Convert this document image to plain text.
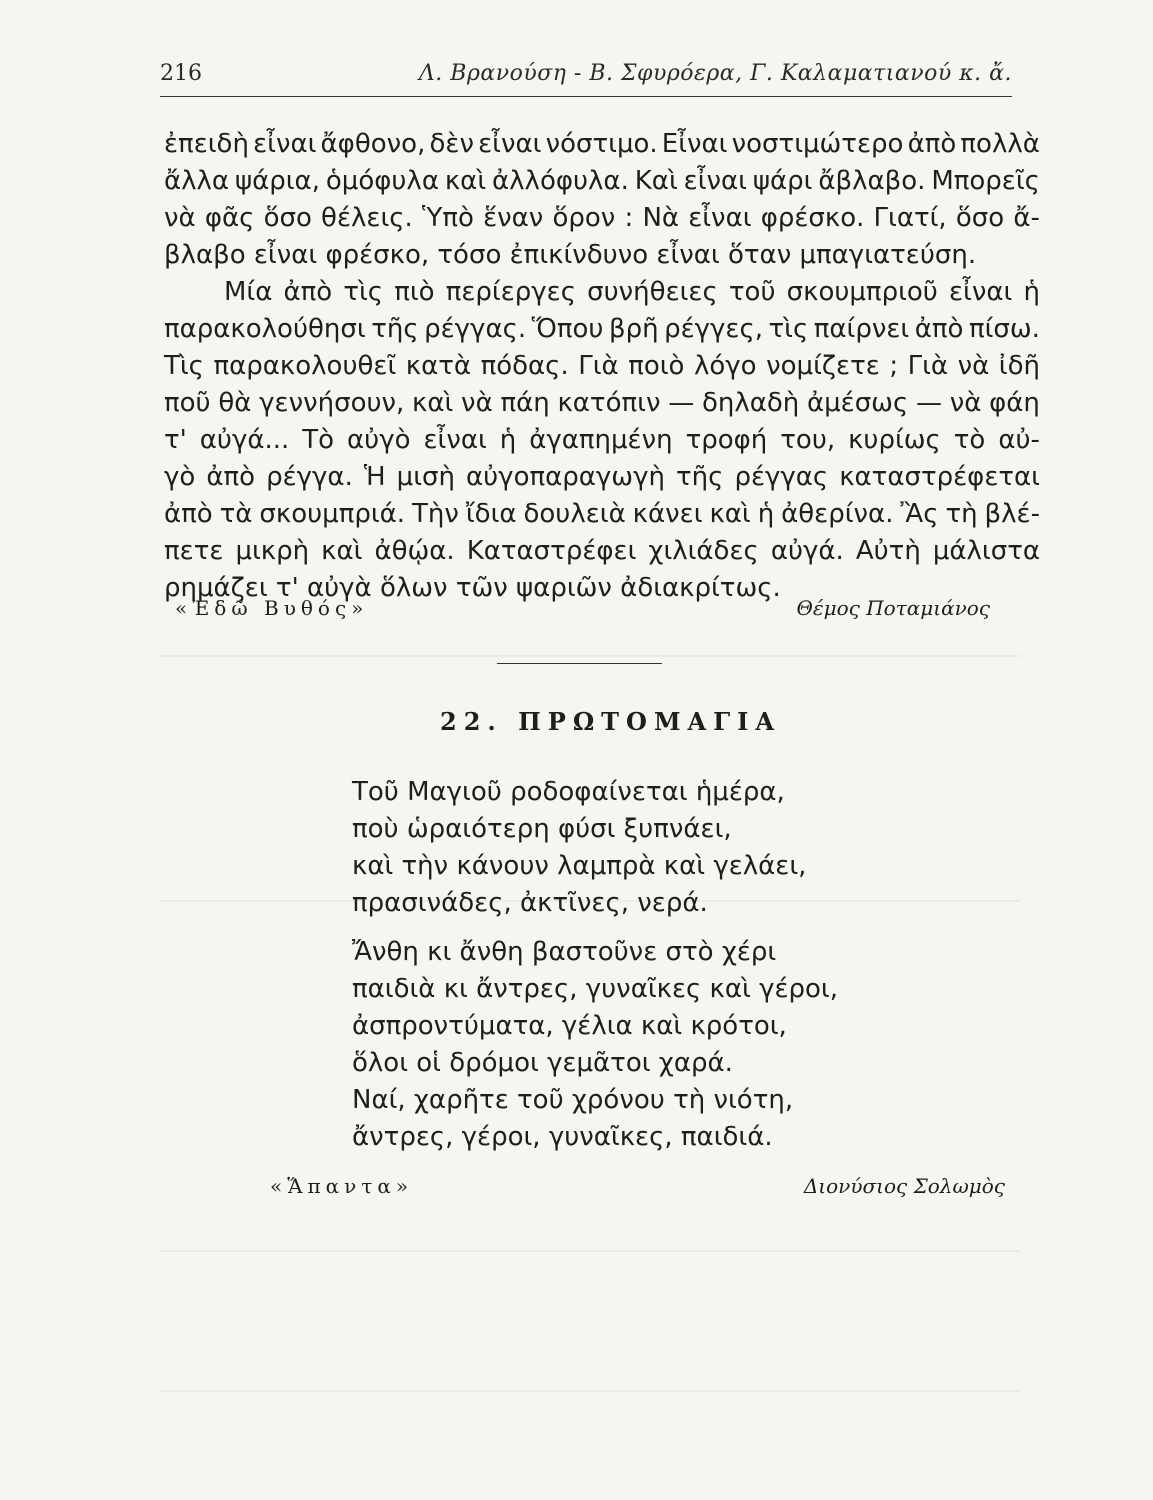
216	Λ. Βρανούση - Β. Σφυρόερα, Γ. Καλαματιανού κ. ἄ.
ἐπειδὴ εἶναι ἄφθονο, δὲν εἶναι νόστιμο. Εἶναι νοστιμώτερο ἀπὸ πολλὰ
ἄλλα ψάρια, ὁμόφυλα καὶ ἀλλόφυλα. Καὶ εἶναι ψάρι ἄβλαβο. Μπορεῖς
νὰ φᾶς ὅσο θέλεις. Ὑπὸ ἕναν ὅρον : Νὰ εἶναι φρέσκο. Γιατί, ὅσο ἄ-
βλαβο εἶναι φρέσκο, τόσο ἐπικίνδυνο εἶναι ὅταν μπαγιατεύση.
Μία ἀπὸ τὶς πιὸ περίεργες συνήθειες τοῦ σκουμπριοῦ εἶναι ἡ
παρακολούθησι τῆς ρέγγας. Ὅπου βρῆ ρέγγες, τὶς παίρνει ἀπὸ πίσω.
Τὶς παρακολουθεῖ κατὰ πόδας. Γιὰ ποιὸ λόγο νομίζετε ; Γιὰ νὰ ἰδῆ
ποῦ θὰ γεννήσουν, καὶ νὰ πάη κατόπιν — δηλαδὴ ἀμέσως — νὰ φάη
τ' αὐγά... Τὸ αὐγὸ εἶναι ἡ ἀγαπημένη τροφή του, κυρίως τὸ αὐ-
γὸ ἀπὸ ρέγγα. Ἡ μισὴ αὐγοπαραγωγὴ τῆς ρέγγας καταστρέφεται
ἀπὸ τὰ σκουμπριά. Τὴν ἴδια δουλειὰ κάνει καὶ ἡ ἀθερίνα. Ἂς τὴ βλέ-
πετε μικρὴ καὶ ἀθῴα. Καταστρέφει χιλιάδες αὐγά. Αὐτὴ μάλιστα
ρημάζει τ' αὐγὰ ὅλων τῶν ψαριῶν ἀδιακρίτως.
«Ἐδῶ Βυθός»	Θέμος Ποταμιάνος
22. ΠΡΩΤΟΜΑΓΙΑ
Τοῦ Μαγιοῦ ροδοφαίνεται ἡμέρα,
ποὺ ὡραιότερη φύσι ξυπνάει,
καὶ τὴν κάνουν λαμπρὰ καὶ γελάει,
πρασινάδες, ἀκτῖνες, νερά.
Ἄνθη κι ἄνθη βαστοῦνε στὸ χέρι
παιδιὰ κι ἄντρες, γυναῖκες καὶ γέροι,
ἀσπροντύματα, γέλια καὶ κρότοι,
ὅλοι οἱ δρόμοι γεμᾶτοι χαρά.
Ναί, χαρῆτε τοῦ χρόνου τὴ νιότη,
ἄντρες, γέροι, γυναῖκες, παιδιά.
«Ἅπαντα»	Διονύσιος Σολωμὸς
